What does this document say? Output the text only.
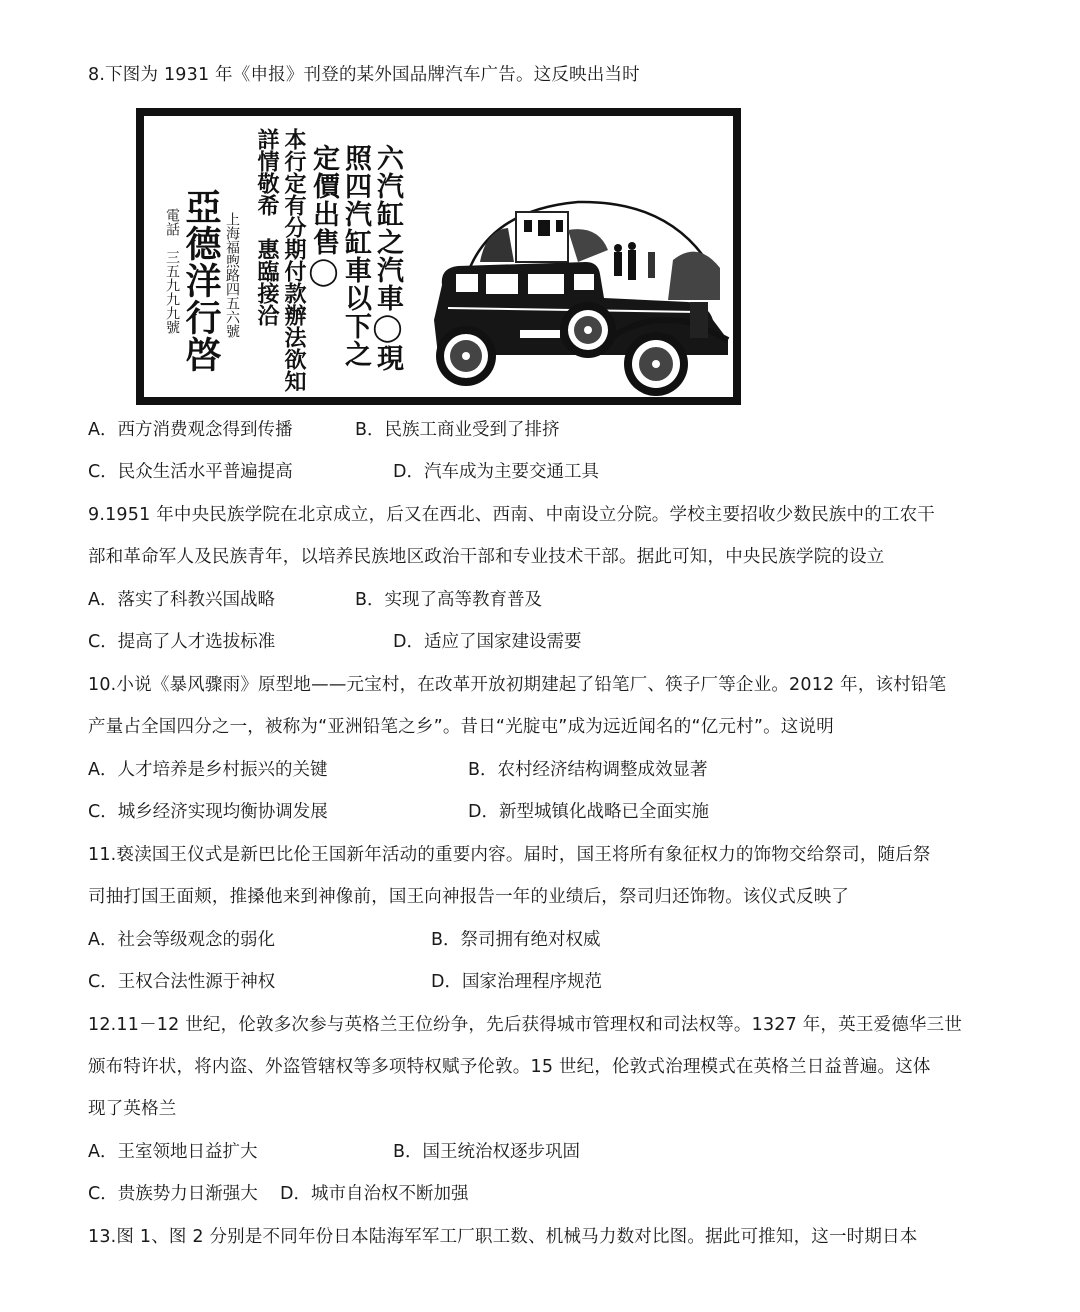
8.下图为 1931 年《申报》刊登的某外国品牌汽车广告。这反映出当时
六汽缸之汽車◯現
照四汽缸車以下之
定價出售◯
本行定有分期付款辦法欲知
詳情敬希　惠臨接洽
上海福煦路四五六號
亞德洋行啓
電話　三五九九九號
A．西方消费观念得到传播	B．民族工商业受到了排挤
C．民众生活水平普遍提高	D．汽车成为主要交通工具
9.1951 年中央民族学院在北京成立，后又在西北、西南、中南设立分院。学校主要招收少数民族中的工农干
部和革命军人及民族青年，以培养民族地区政治干部和专业技术干部。据此可知，中央民族学院的设立
A．落实了科教兴国战略	B．实现了高等教育普及
C．提高了人才选拔标准	D．适应了国家建设需要
10.小说《暴风骤雨》原型地——元宝村，在改革开放初期建起了铅笔厂、筷子厂等企业。2012 年，该村铅笔
产量占全国四分之一，被称为“亚洲铅笔之乡”。昔日“光腚屯”成为远近闻名的“亿元村”。这说明
A．人才培养是乡村振兴的关键	B．农村经济结构调整成效显著
C．城乡经济实现均衡协调发展	D．新型城镇化战略已全面实施
11.亵渎国王仪式是新巴比伦王国新年活动的重要内容。届时，国王将所有象征权力的饰物交给祭司，随后祭
司抽打国王面颊，推搡他来到神像前，国王向神报告一年的业绩后，祭司归还饰物。该仪式反映了
A．社会等级观念的弱化	B．祭司拥有绝对权威
C．王权合法性源于神权	D．国家治理程序规范
12.11－12 世纪，伦敦多次参与英格兰王位纷争，先后获得城市管理权和司法权等。1327 年，英王爱德华三世
颁布特许状，将内盗、外盗管辖权等多项特权赋予伦敦。15 世纪，伦敦式治理模式在英格兰日益普遍。这体
现了英格兰
A．王室领地日益扩大	B．国王统治权逐步巩固
C．贵族势力日渐强大 D．城市自治权不断加强
13.图 1、图 2 分别是不同年份日本陆海军军工厂职工数、机械马力数对比图。据此可推知，这一时期日本
